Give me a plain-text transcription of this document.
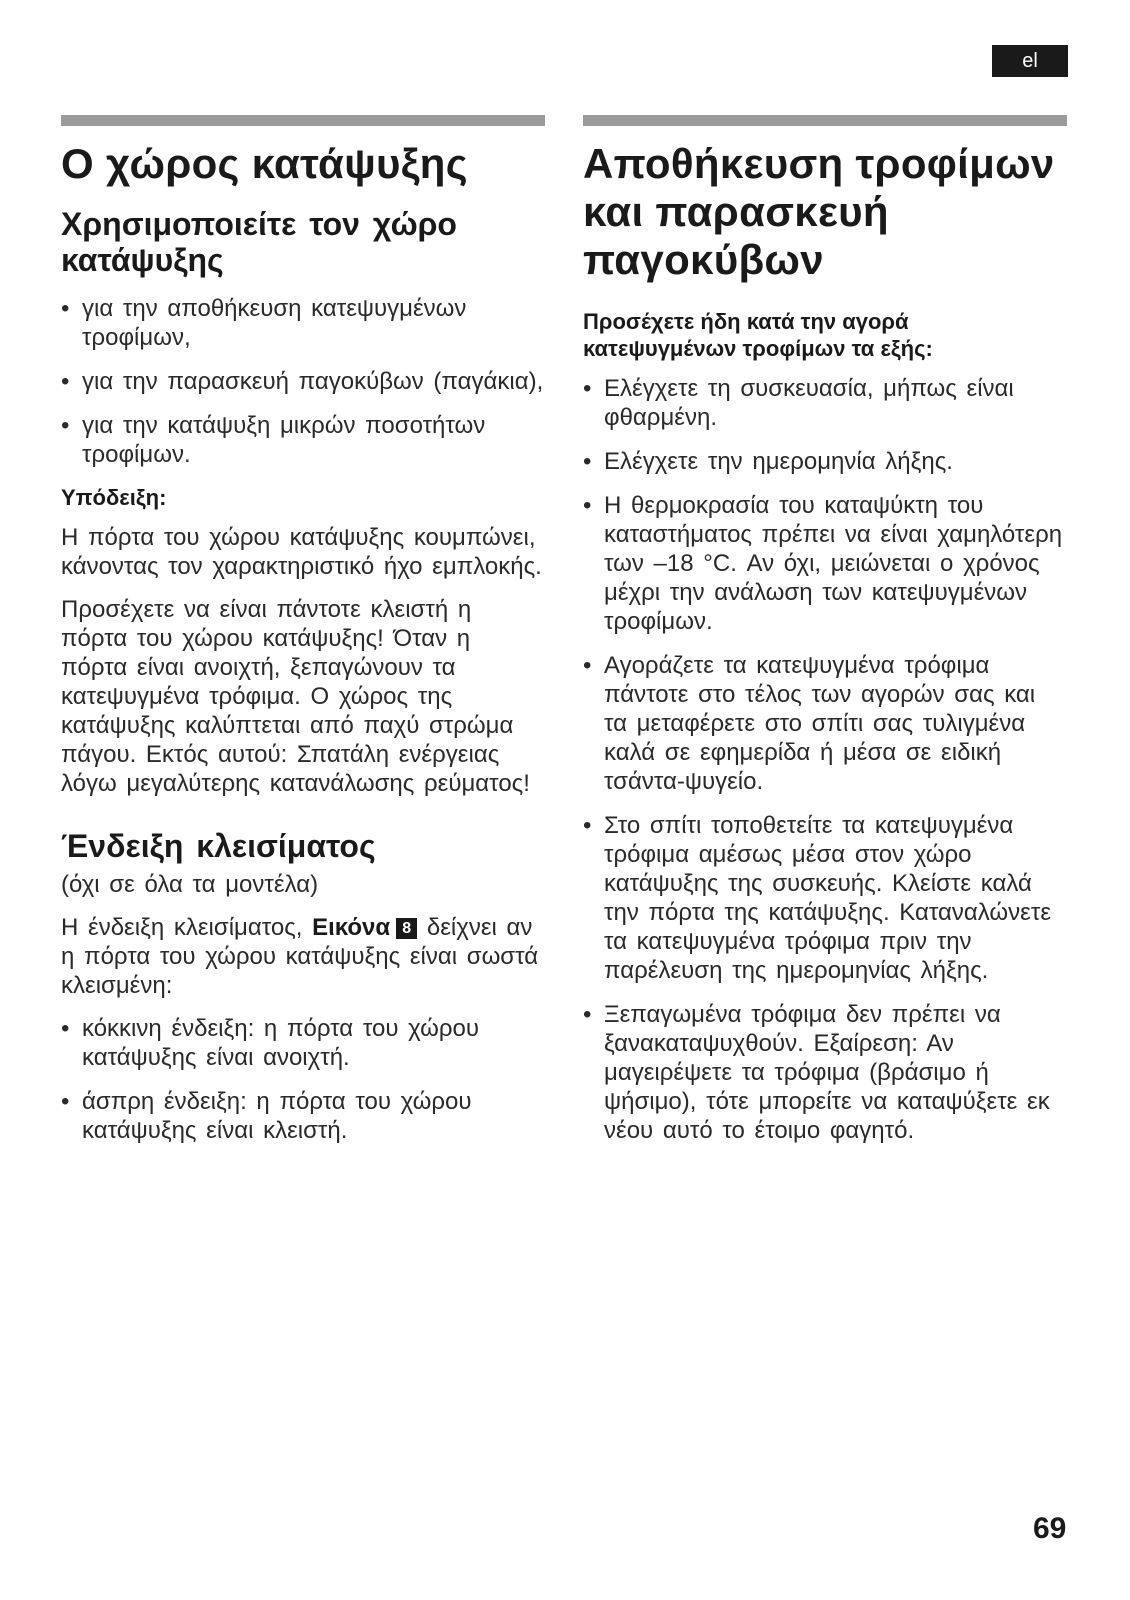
el
Ο χώρος κατάψυξης
Χρησιμοποιείτε τον χώρο κατάψυξης
• για την αποθήκευση κατεψυγμένων τροφίμων,
• για την παρασκευή παγοκύβων (παγάκια),
• για την κατάψυξη μικρών ποσοτήτων τροφίμων.
Υπόδειξη:

Η πόρτα του χώρου κατάψυξης κουμπώνει, κάνοντας τον χαρακτηριστικό ήχο εμπλοκής.

Προσέχετε να είναι πάντοτε κλειστή η πόρτα του χώρου κατάψυξης! Όταν η πόρτα είναι ανοιχτή, ξεπαγώνουν τα κατεψυγμένα τρόφιμα. Ο χώρος της κατάψυξης καλύπτεται από παχύ στρώμα πάγου. Εκτός αυτού: Σπατάλη ενέργειας λόγω μεγαλύτερης κατανάλωσης ρεύματος!

Ένδειξη κλεισίματος

(όχι σε όλα τα μοντέλα)

Η ένδειξη κλεισίματος, Εικόνα 8 δείχνει αν η πόρτα του χώρου κατάψυξης είναι σωστά κλεισμένη:

• κόκκινη ένδειξη: η πόρτα του χώρου κατάψυξης είναι ανοιχτή.
• άσπρη ένδειξη: η πόρτα του χώρου κατάψυξης είναι κλειστή.
Αποθήκευση τροφίμων και παρασκευή παγοκύβων
Προσέχετε ήδη κατά την αγορά κατεψυγμένων τροφίμων τα εξής:
• Ελέγχετε τη συσκευασία, μήπως είναι φθαρμένη.
• Ελέγχετε την ημερομηνία λήξης.
• Η θερμοκρασία του καταψύκτη του καταστήματος πρέπει να είναι χαμηλότερη των –18 °C. Αν όχι, μειώνεται ο χρόνος μέχρι την ανάλωση των κατεψυγμένων τροφίμων.
• Αγοράζετε τα κατεψυγμένα τρόφιμα πάντοτε στο τέλος των αγορών σας και τα μεταφέρετε στο σπίτι σας τυλιγμένα καλά σε εφημερίδα ή μέσα σε ειδική τσάντα-ψυγείο.
• Στο σπίτι τοποθετείτε τα κατεψυγμένα τρόφιμα αμέσως μέσα στον χώρο κατάψυξης της συσκευής. Κλείστε καλά την πόρτα της κατάψυξης. Καταναλώνετε τα κατεψυγμένα τρόφιμα πριν την παρέλευση της ημερομηνίας λήξης.
• Ξεπαγωμένα τρόφιμα δεν πρέπει να ξανακαταψυχθούν. Εξαίρεση: Αν μαγειρέψετε τα τρόφιμα (βράσιμο ή ψήσιμο), τότε μπορείτε να καταψύξετε εκ νέου αυτό το έτοιμο φαγητό.
69
